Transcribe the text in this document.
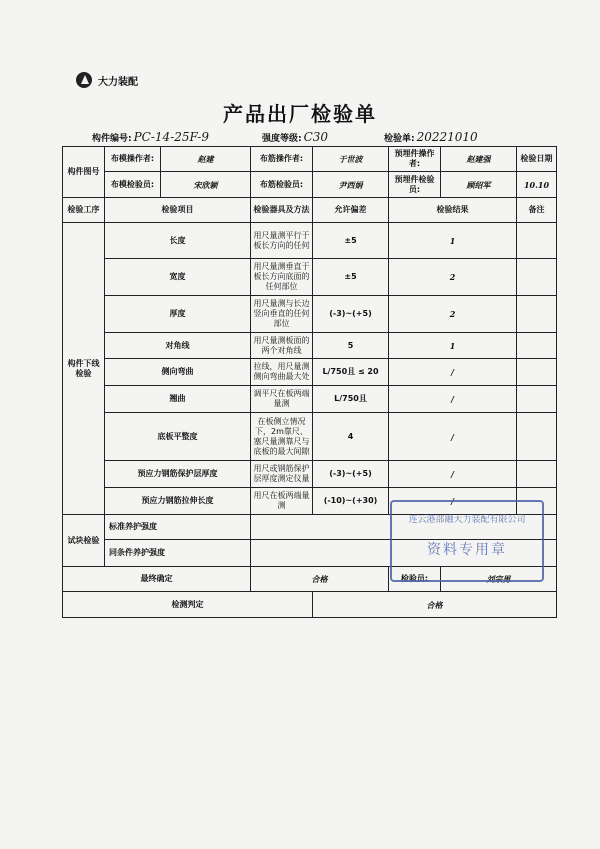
大力装配
产品出厂检验单
构件编号: PC-14-25F-9	强度等级: C30	检验单: 20221010
构件图号	布模操作者:	赵建	布筋操作者:	于世波	预埋件操作者:	赵建强	检验日期
	布模检验员:	宋欣颖	布筋检验员:	尹西娟	预埋件检验员:	顾绍军	10.10
检验工序	检验项目		检验器具及方法	允许偏差	检验结果		备注
构件下线检验	长度		用尺量测平行于板长方向的任何	±5	1		
	宽度		用尺量测垂直于板长方向底面的任何部位	±5	2		
	厚度		用尺量测与长边竖向垂直的任何部位	(-3)~(+5)	2		
	对角线		用尺量测板面的两个对角线	5	1		
	侧向弯曲		拉线，用尺量测侧向弯曲最大处	L/750且 ≤ 20	/		
	翘曲		调平尺在板两端量测	L/750且	/		
	底板平整度		在板侧立情况下，2m靠尺、塞尺量测靠尺与底板的最大间隙	4	/		
	预应力钢筋保护层厚度		用尺或钢筋保护层厚度测定仪量	(-3)~(+5)	/		
	预应力钢筋拉伸长度		用尺在板两端量测	(-10)~(+30)	/		
试块检验	标准养护强度						
	同条件养护强度						
最终确定			合格		检验员:	刘宗男	
检测判定				合格			
连云港部融大力装配有限公司
资料专用章
